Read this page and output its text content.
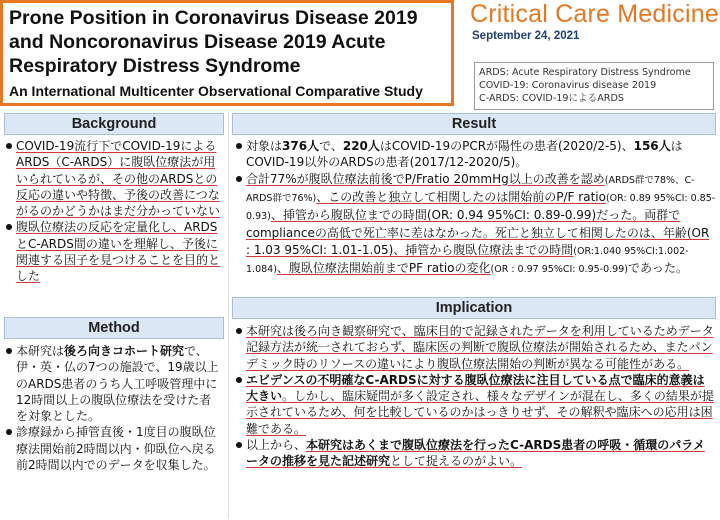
Prone Position in Coronavirus Disease 2019 and Noncoronavirus Disease 2019 Acute Respiratory Distress Syndrome
An International Multicenter Observational Comparative Study
Critical Care Medicine
September 24, 2021
ARDS: Acute Respiratory Distress Syndrome
COVID-19: Coronavirus disease 2019
C-ARDS: COVID-19によるARDS
Background
COVID-19流行下でCOVID-19によるARDS（C-ARDS）に腹臥位療法が用いられているが、その他のARDSとの反応の違いや特徴、予後の改善につながるのかどうかはまだ分かっていない
腹臥位療法の反応を定量化し、ARDSとC-ARDS間の違いを理解し、予後に関連する因子を見つけることを目的とした
Method
本研究は後ろ向きコホート研究で、伊・英・仏の7つの施設で、19歳以上のARDS患者のうち人工呼吸管理中に12時間以上の腹臥位療法を受けた者を対象とした。
診療録から挿管直後・1度目の腹臥位療法開始前2時間以内・仰臥位へ戻る前2時間以内でのデータを収集した。
Result
対象は376人で、220人はCOVID-19のPCRが陽性の患者(2020/2-5)、156人はCOVID-19以外のARDSの患者(2017/12-2020/5)。
合計77%が腹臥位療法前後でP/Fratio 20mmHg以上の改善を認め(ARDS群で78%、C-ARDS群で76%)、この改善と独立して相関したのは開始前のP/F ratio(OR: 0.89 95%CI: 0.85-0.93)、挿管から腹臥位までの時間(OR: 0.94 95%CI: 0.89-0.99)だった。両群でcomplianceの高低で死亡率に差はなかった。死亡と独立して相関したのは、年齢(OR : 1.03 95%CI: 1.01-1.05)、挿管から腹臥位療法までの時間(OR:1.040 95%CI:1.002-1.084)、腹臥位療法開始前までPF ratioの変化(OR : 0.97 95%CI: 0.95-0.99)であった。
Implication
本研究は後ろ向き観察研究で、臨床目的で記録されたデータを利用しているためデータ記録方法が統一されておらず、臨床医の判断で腹臥位療法が開始されるため、またパンデミック時のリソースの違いにより腹臥位療法開始の判断が異なる可能性がある。
エビデンスの不明確なC-ARDSに対する腹臥位療法に注目している点で臨床的意義は大きい。しかし、臨床疑問が多く設定され、様々なデザインが混在し、多くの結果が提示されているため、何を比較しているのかはっきりせず、その解釈や臨床への応用は困難である。
以上から、本研究はあくまで腹臥位療法を行ったC-ARDS患者の呼吸・循環のパラメータの推移を見た記述研究として捉えるのがよい。
